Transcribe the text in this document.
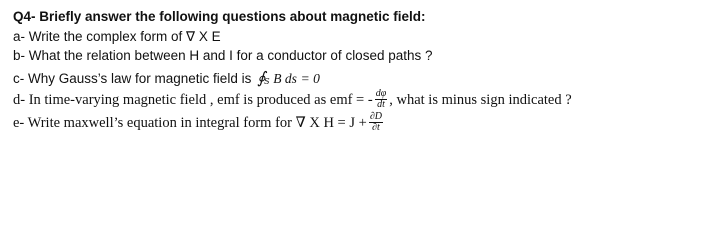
Q4- Briefly answer the following questions about magnetic field:
a- Write the complex form of ∇ X E
b- What the relation between H and I for a conductor of closed paths ?
c- Why Gauss’s law for magnetic field is ∮
S B ds = 0
d- In time-varying magnetic field , emf is produced as emf = - $\frac{d\varphi}{dt}$ , what is minus sign indicated ?
e- Write maxwell’s equation in integral form for ∇ X $H = J + \frac{\partial D}{\partial t}$
